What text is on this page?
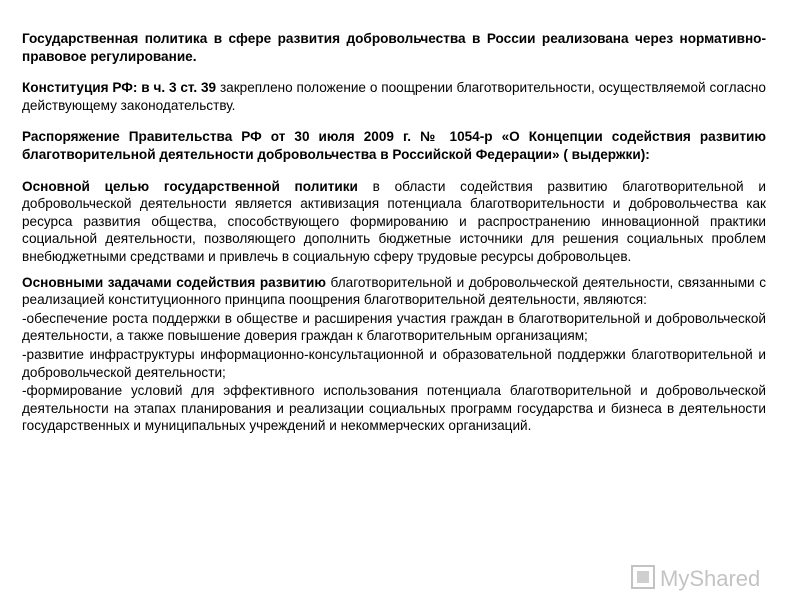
Государственная политика в сфере развития добровольчества в России реализована через нормативно-правовое регулирование.

Конституция РФ: в ч. 3 ст. 39 закреплено положение о поощрении благотворительности, осуществляемой согласно действующему законодательству.

Распоряжение Правительства РФ от 30 июля 2009 г. № 1054-р «О Концепции содействия развитию благотворительной деятельности добровольчества в Российской Федерации» ( выдержки):

Основной целью государственной политики в области содействия развитию благотворительной и добровольческой деятельности является активизация потенциала благотворительности и добровольчества как ресурса развития общества, способствующего формированию и распространению инновационной практики социальной деятельности, позволяющего дополнить бюджетные источники для решения социальных проблем внебюджетными средствами и привлечь в социальную сферу трудовые ресурсы добровольцев.

Основными задачами содействия развитию благотворительной и добровольческой деятельности, связанными с реализацией конституционного принципа поощрения благотворительной деятельности, являются:

-обеспечение роста поддержки в обществе и расширения участия граждан в благотворительной и добровольческой деятельности, а также повышение доверия граждан к благотворительным организациям;

-развитие инфраструктуры информационно-консультационной и образовательной поддержки благотворительной и добровольческой деятельности;

-формирование условий для эффективного использования потенциала благотворительной и добровольческой деятельности на этапах планирования и реализации социальных программ государства и бизнеса в деятельности государственных и муниципальных учреждений и некоммерческих организаций.

MyShared
